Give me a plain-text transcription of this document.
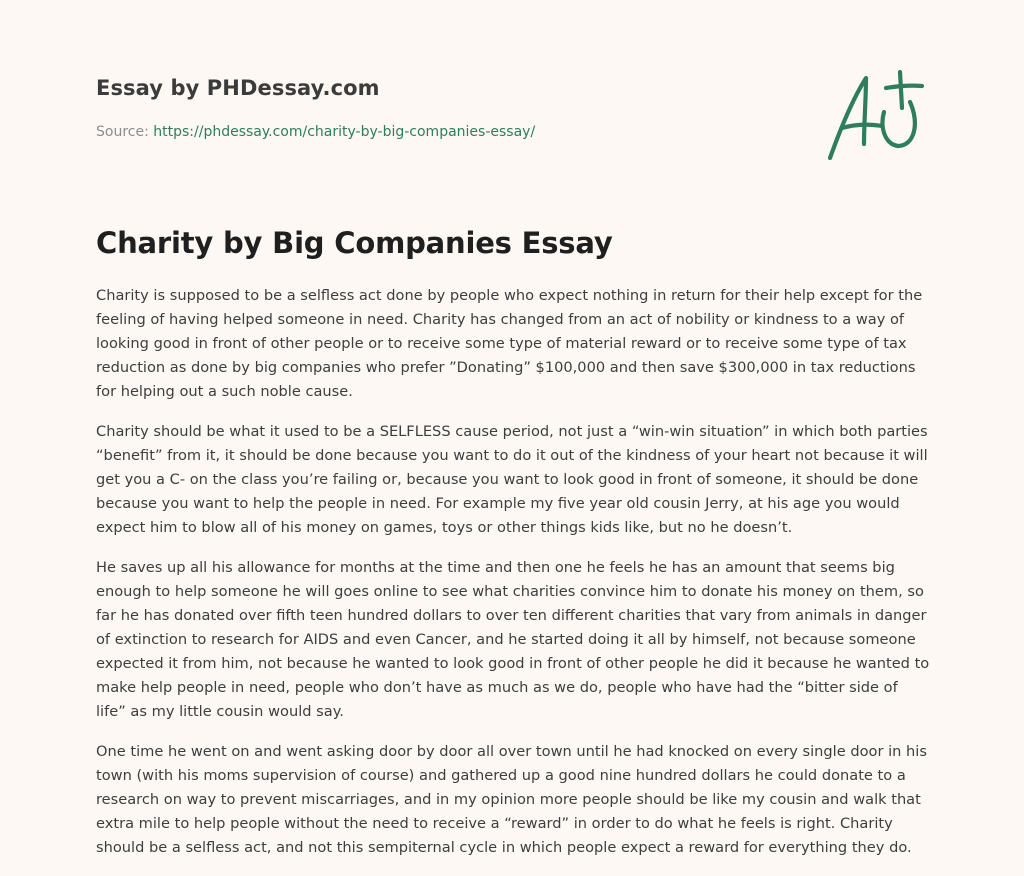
Essay by PHDessay.com
Source: https://phdessay.com/charity-by-big-companies-essay/
Charity by Big Companies Essay

Charity is supposed to be a selfless act done by people who expect nothing in return for their help except for the feeling of having helped someone in need. Charity has changed from an act of nobility or kindness to a way of looking good in front of other people or to receive some type of material reward or to receive some type of tax reduction as done by big companies who prefer ”Donating” $100,000 and then save $300,000 in tax reductions for helping out a such noble cause.

Charity should be what it used to be a SELFLESS cause period, not just a “win-win situation” in which both parties “benefit” from it, it should be done because you want to do it out of the kindness of your heart not because it will get you a C- on the class you’re failing or, because you want to look good in front of someone, it should be done because you want to help the people in need. For example my five year old cousin Jerry, at his age you would expect him to blow all of his money on games, toys or other things kids like, but no he doesn’t.

He saves up all his allowance for months at the time and then one he feels he has an amount that seems big enough to help someone he will goes online to see what charities convince him to donate his money on them, so far he has donated over fifth teen hundred dollars to over ten different charities that vary from animals in danger of extinction to research for AIDS and even Cancer, and he started doing it all by himself, not because someone expected it from him, not because he wanted to look good in front of other people he did it because he wanted to make help people in need, people who don’t have as much as we do, people who have had the “bitter side of life” as my little cousin would say.

One time he went on and went asking door by door all over town until he had knocked on every single door in his town (with his moms supervision of course) and gathered up a good nine hundred dollars he could donate to a research on way to prevent miscarriages, and in my opinion more people should be like my cousin and walk that extra mile to help people without the need to receive a “reward” in order to do what he feels is right. Charity should be a selfless act, and not this sempiternal cycle in which people expect a reward for everything they do.
